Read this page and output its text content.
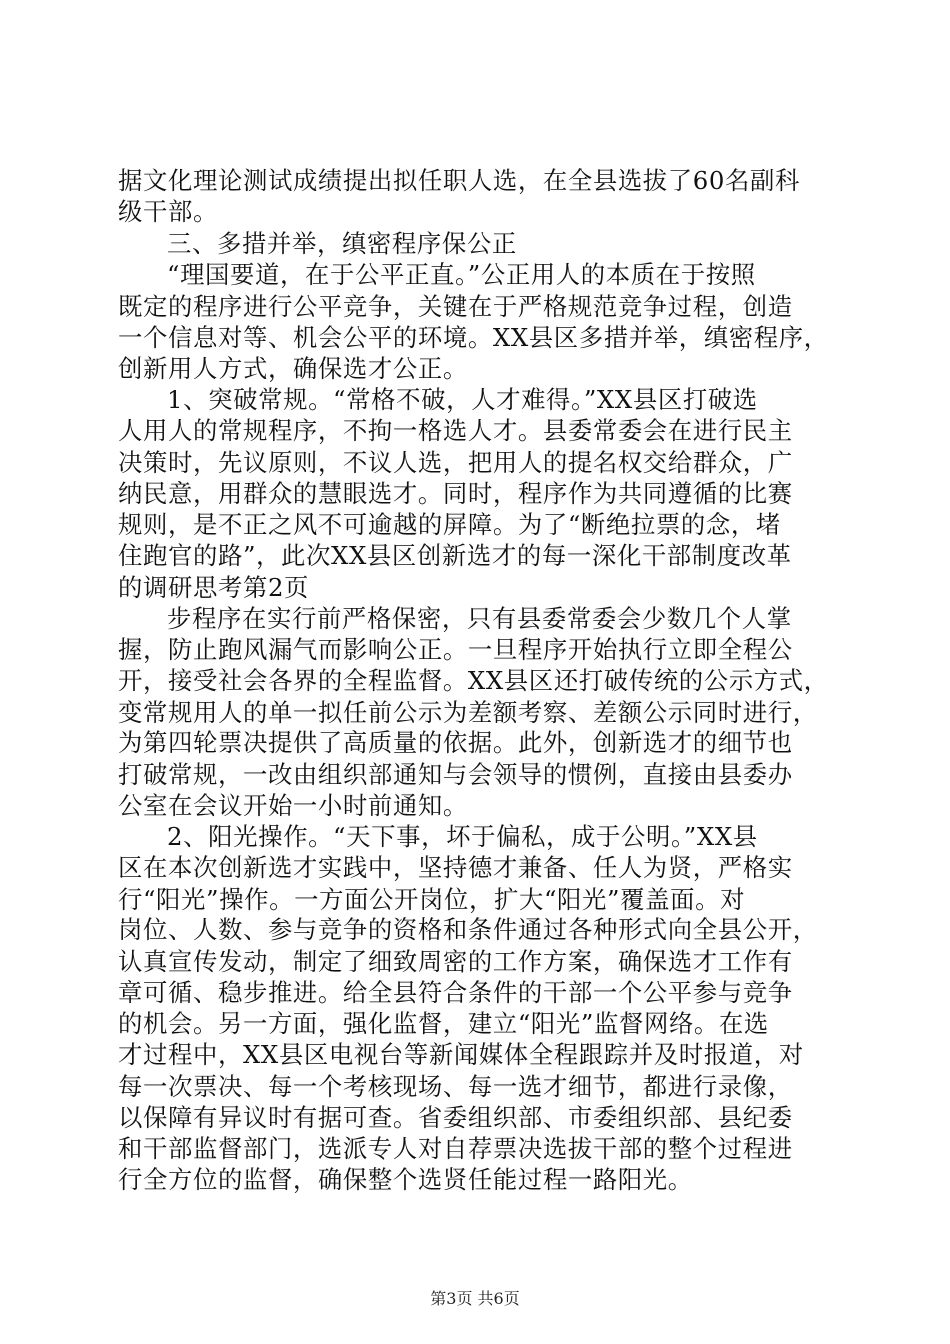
据文化理论测试成绩提出拟任职人选，在全县选拔了60名副科
级干部。
三、多措并举，缜密程序保公正
“理国要道，在于公平正直。”公正用人的本质在于按照
既定的程序进行公平竞争，关键在于严格规范竞争过程，创造
一个信息对等、机会公平的环境。XX县区多措并举，缜密程序，
创新用人方式，确保选才公正。
1、突破常规。“常格不破，人才难得。”XX县区打破选
人用人的常规程序，不拘一格选人才。县委常委会在进行民主
决策时，先议原则，不议人选，把用人的提名权交给群众，广
纳民意，用群众的慧眼选才。同时，程序作为共同遵循的比赛
规则，是不正之风不可逾越的屏障。为了“断绝拉票的念，堵
住跑官的路”，此次XX县区创新选才的每一深化干部制度改革
的调研思考第2页
步程序在实行前严格保密，只有县委常委会少数几个人掌
握，防止跑风漏气而影响公正。一旦程序开始执行立即全程公
开，接受社会各界的全程监督。XX县区还打破传统的公示方式，
变常规用人的单一拟任前公示为差额考察、差额公示同时进行，
为第四轮票决提供了高质量的依据。此外，创新选才的细节也
打破常规，一改由组织部通知与会领导的惯例，直接由县委办
公室在会议开始一小时前通知。
2、阳光操作。“天下事，坏于偏私，成于公明。”XX县
区在本次创新选才实践中，坚持德才兼备、任人为贤，严格实
行“阳光”操作。一方面公开岗位，扩大“阳光”覆盖面。对
岗位、人数、参与竞争的资格和条件通过各种形式向全县公开，
认真宣传发动，制定了细致周密的工作方案，确保选才工作有
章可循、稳步推进。给全县符合条件的干部一个公平参与竞争
的机会。另一方面，强化监督，建立“阳光”监督网络。在选
才过程中，XX县区电视台等新闻媒体全程跟踪并及时报道，对
每一次票决、每一个考核现场、每一选才细节，都进行录像，
以保障有异议时有据可查。省委组织部、市委组织部、县纪委
和干部监督部门，选派专人对自荐票决选拔干部的整个过程进
行全方位的监督，确保整个选贤任能过程一路阳光。
第3页 共6页
